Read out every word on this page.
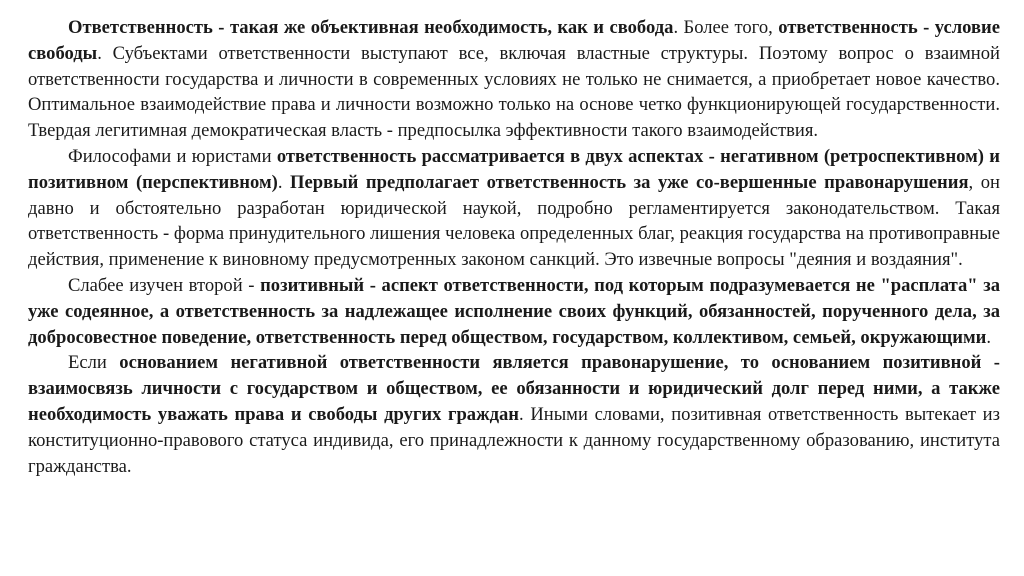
Ответственность - такая же объективная необходимость, как и свобода. Более того, ответственность - условие свободы. Субъектами ответственности выступают все, включая властные структуры. Поэтому вопрос о взаимной ответственности государства и личности в современных условиях не только не снимается, а приобретает новое качество. Оптимальное взаимодействие права и личности возможно только на основе четко функционирующей государственности. Твердая легитимная демократическая власть - предпосылка эффективности такого взаимодействия.

Философами и юристами ответственность рассматривается в двух аспектах - негативном (ретроспективном) и позитивном (перспективном). Первый предполагает ответственность за уже со-вершенные правонарушения, он давно и обстоятельно разработан юридической наукой, подробно регламентируется законодательством. Такая ответственность - форма принудительного лишения человека определенных благ, реакция государства на противоправные действия, применение к виновному предусмотренных законом санкций. Это извечные вопросы "деяния и воздаяния".

Слабее изучен второй - позитивный - аспект ответственности, под которым подразумевается не "расплата" за уже содеянное, а ответственность за надлежащее исполнение своих функций, обязанностей, порученного дела, за добросовестное поведение, ответственность перед обществом, государством, коллективом, семьей, окружающими.

Если основанием негативной ответственности является правонарушение, то основанием позитивной - взаимосвязь личности с государством и обществом, ее обязанности и юридический долг перед ними, а также необходимость уважать права и свободы других граждан. Иными словами, позитивная ответственность вытекает из конституционно-правового статуса индивида, его принадлежности к данному государственному образованию, института гражданства.
